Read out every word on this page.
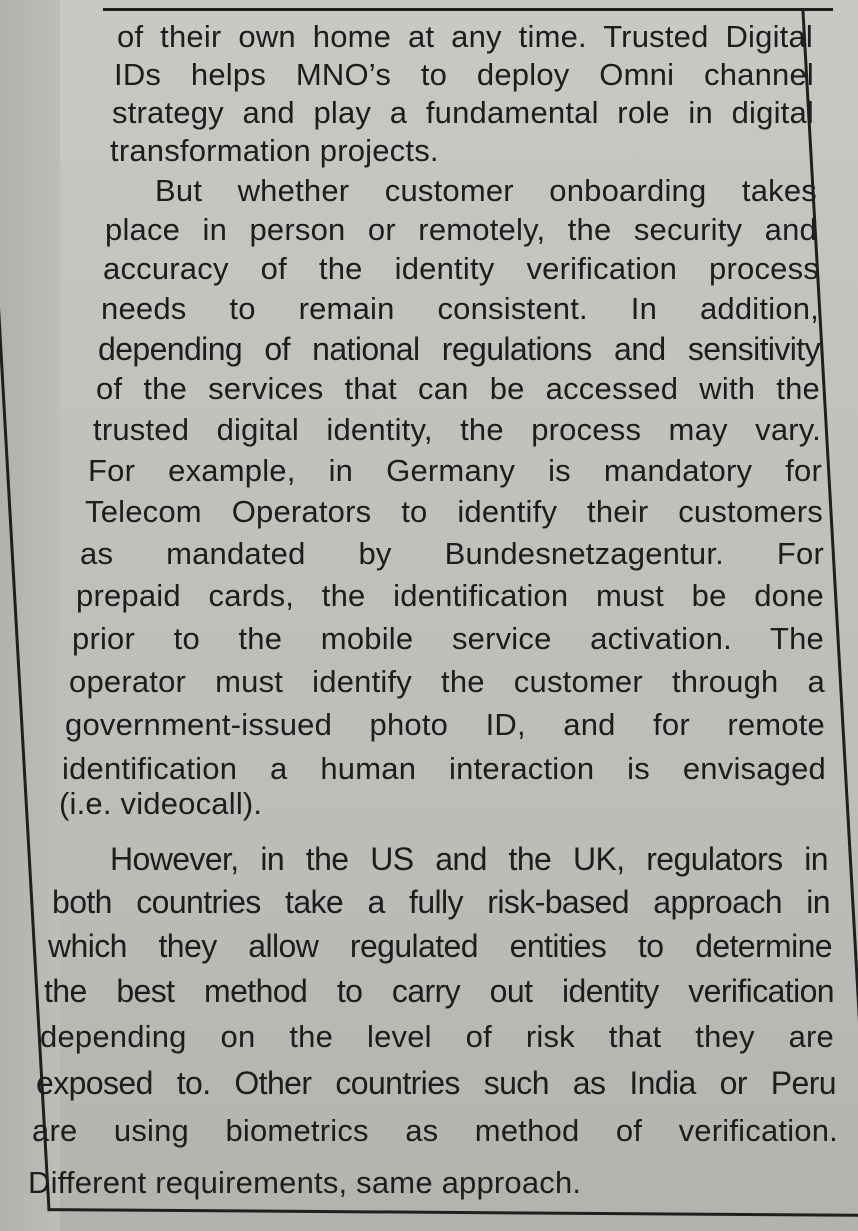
of their own home at any time. Trusted Digital
IDs helps MNO’s to deploy Omni channel
strategy and play a fundamental role in digital
transformation projects.
But whether customer onboarding takes
place in person or remotely, the security and
accuracy of the identity verification process
needs to remain consistent. In addition,
depending of national regulations and sensitivity
of the services that can be accessed with the
trusted digital identity, the process may vary.
For example, in Germany is mandatory for
Telecom Operators to identify their customers
as mandated by Bundesnetzagentur. For
prepaid cards, the identification must be done
prior to the mobile service activation. The
operator must identify the customer through a
government-issued photo ID, and for remote
identification a human interaction is envisaged
(i.e. videocall).
However, in the US and the UK, regulators in
both countries take a fully risk-based approach in
which they allow regulated entities to determine
the best method to carry out identity verification
depending on the level of risk that they are
exposed to. Other countries such as India or Peru
are using biometrics as method of verification.
Different requirements, same approach.
